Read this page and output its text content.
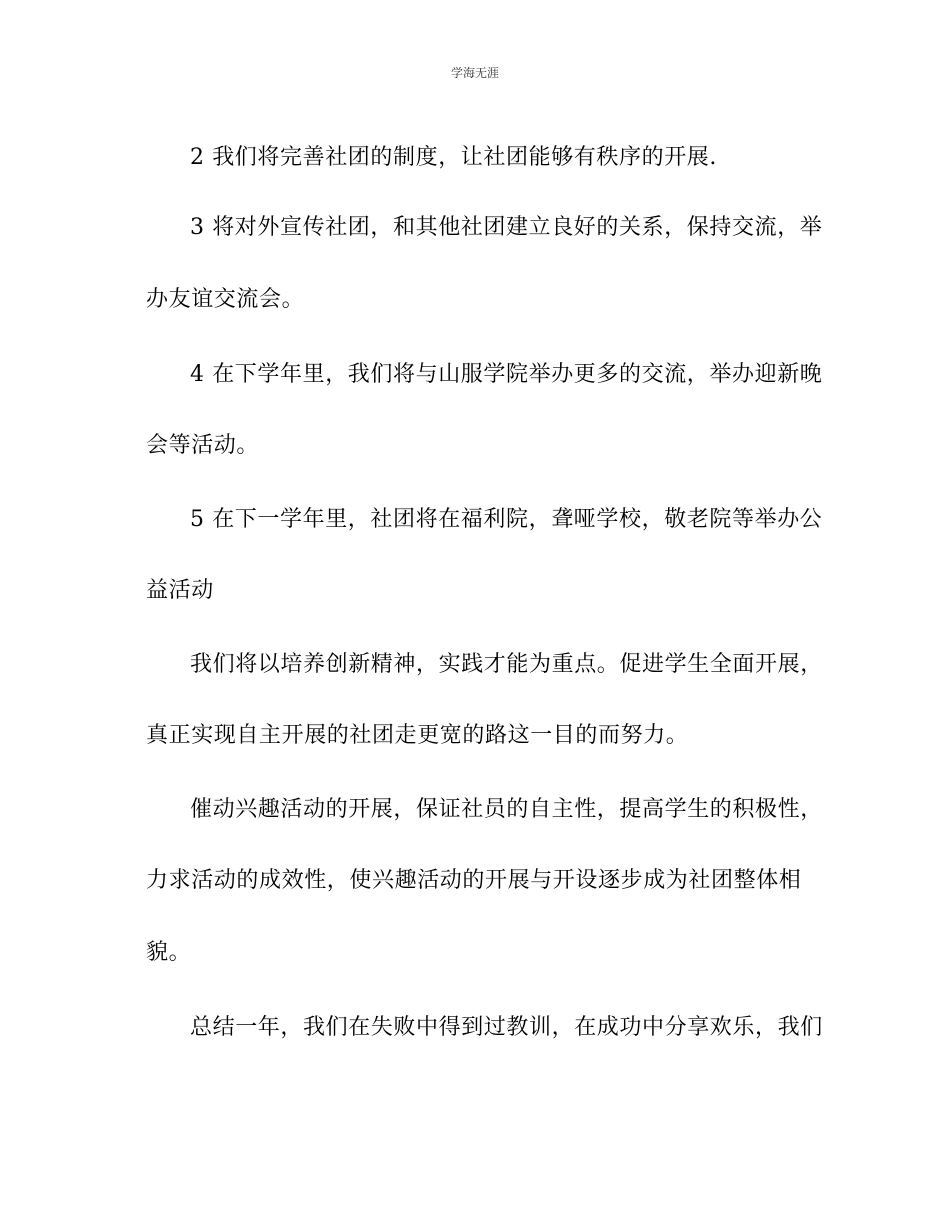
学海无涯
2 我们将完善社团的制度，让社团能够有秩序的开展.
3 将对外宣传社团，和其他社团建立良好的关系，保持交流，举
办友谊交流会。
4 在下学年里，我们将与山服学院举办更多的交流，举办迎新晚
会等活动。
5 在下一学年里，社团将在福利院，聋哑学校，敬老院等举办公
益活动
我们将以培养创新精神，实践才能为重点。促进学生全面开展，
真正实现自主开展的社团走更宽的路这一目的而努力。
催动兴趣活动的开展，保证社员的自主性，提高学生的积极性，
力求活动的成效性，使兴趣活动的开展与开设逐步成为社团整体相
貌。
总结一年，我们在失败中得到过教训，在成功中分享欢乐，我们
